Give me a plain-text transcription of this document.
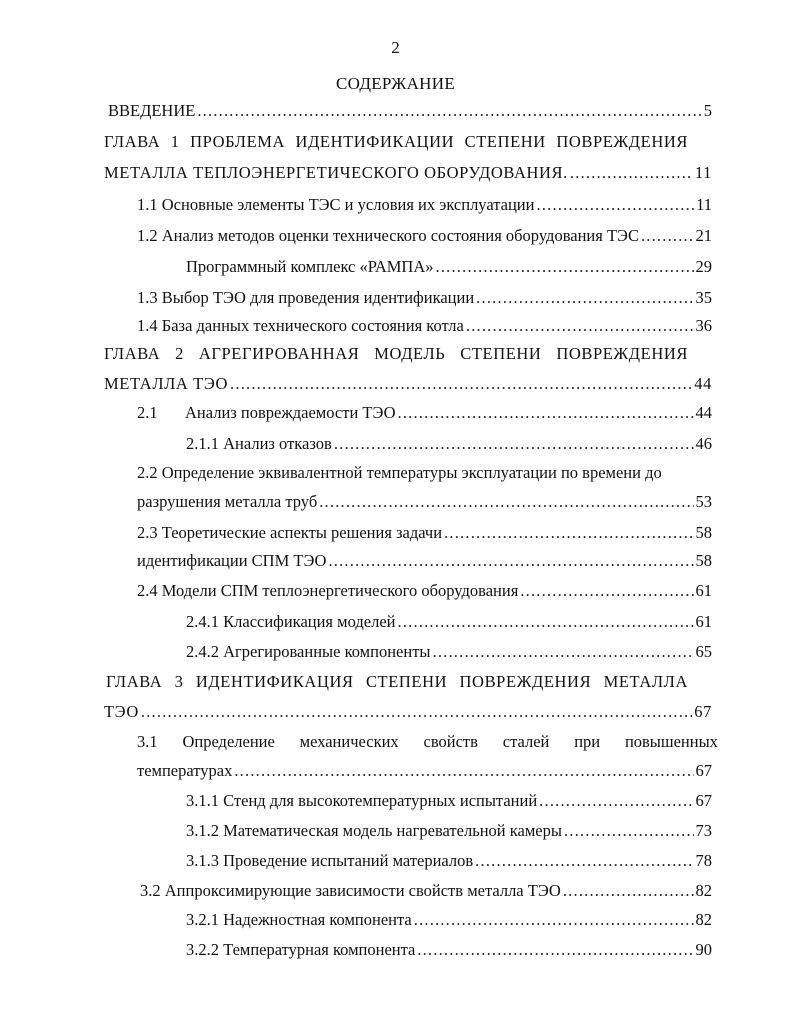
2
СОДЕРЖАНИЕ
ВВЕДЕНИЕ .....	5
ГЛАВА 1 ПРОБЛЕМА ИДЕНТИФИКАЦИИ СТЕПЕНИ ПОВРЕЖДЕНИЯ
МЕТАЛЛА ТЕПЛОЭНЕРГЕТИЧЕСКОГО ОБОРУДОВАНИЯ. .....	11
1.1 Основные элементы ТЭС и условия их эксплуатации .....	11
1.2 Анализ методов оценки технического состояния оборудования ТЭС .....	21
Программный комплекс «РАМПА» .....	29
1.3 Выбор ТЭО для проведения идентификации .....	35
1.4 База данных технического состояния котла .....	36
ГЛАВА 2 АГРЕГИРОВАННАЯ МОДЕЛЬ СТЕПЕНИ ПОВРЕЖДЕНИЯ
МЕТАЛЛА ТЭО .....	44
2.1	Анализ повреждаемости ТЭО .....	44
2.1.1 Анализ отказов .....	46
2.2 Определение эквивалентной температуры эксплуатации по времени до
разрушения металла труб .....	53
2.3 Теоретические аспекты решения задачи .....	58
идентификации СПМ ТЭО .....	58
2.4 Модели СПМ теплоэнергетического оборудования .....	61
2.4.1 Классификация моделей .....	61
2.4.2 Агрегированные компоненты .....	65
ГЛАВА 3 ИДЕНТИФИКАЦИЯ СТЕПЕНИ ПОВРЕЖДЕНИЯ МЕТАЛЛА
ТЭО .....	67
3.1 Определение механических свойств сталей при повышенных
температурах .....	67
3.1.1 Стенд для высокотемпературных испытаний .....	67
3.1.2 Математическая модель нагревательной камеры .....	73
3.1.3 Проведение испытаний материалов .....	78
3.2 Аппроксимирующие зависимости свойств металла ТЭО .....	82
3.2.1 Надежностная компонента .....	82
3.2.2 Температурная компонента .....	90
